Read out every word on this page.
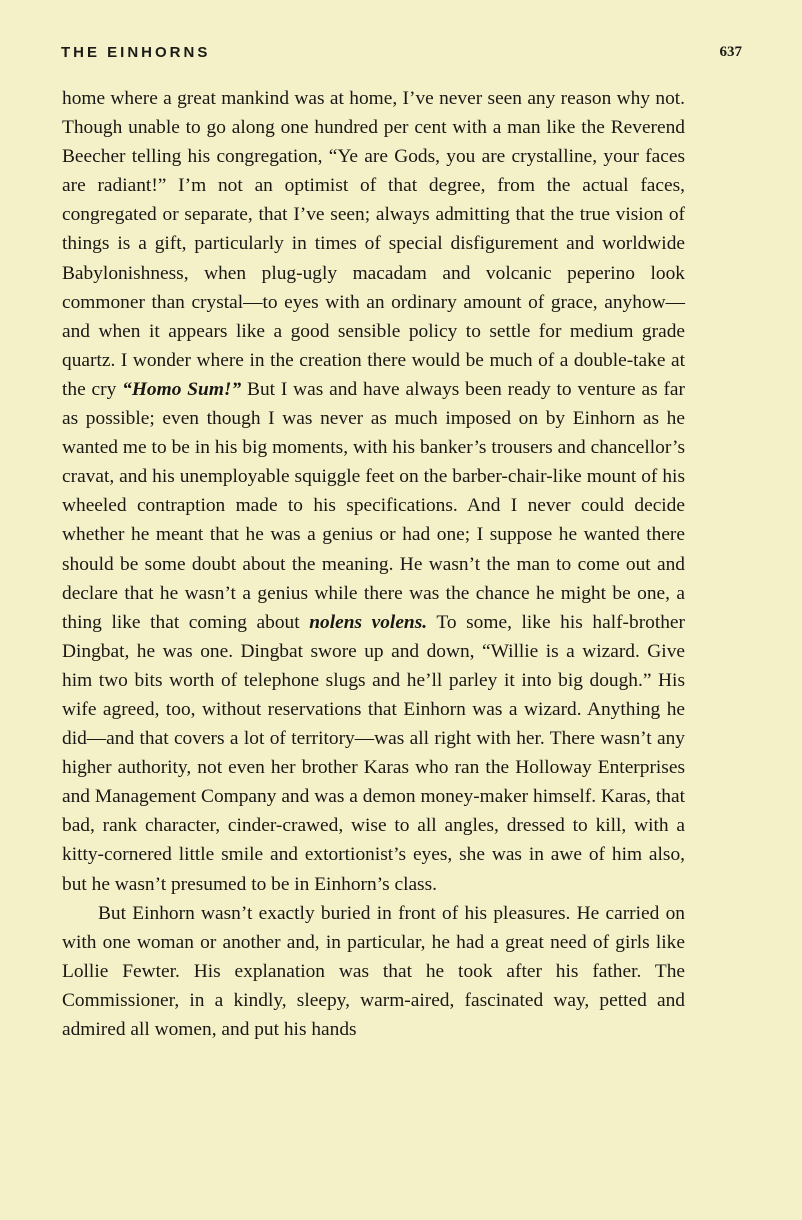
THE EINHORNS	637

home where a great mankind was at home, I’ve never seen any reason why not. Though unable to go along one hundred per cent with a man like the Reverend Beecher telling his congregation, “Ye are Gods, you are crystalline, your faces are radiant!” I’m not an optimist of that degree, from the actual faces, congregated or separate, that I’ve seen; always admitting that the true vision of things is a gift, particularly in times of special disfigurement and worldwide Babylonishness, when plug-ugly macadam and volcanic peperino look commoner than crystal—to eyes with an ordinary amount of grace, anyhow—and when it appears like a good sensible policy to settle for medium grade quartz. I wonder where in the creation there would be much of a double-take at the cry “Homo Sum!” But I was and have always been ready to venture as far as possible; even though I was never as much imposed on by Einhorn as he wanted me to be in his big moments, with his banker’s trousers and chancellor’s cravat, and his unemployable squiggle feet on the barber-chair-like mount of his wheeled contraption made to his specifications. And I never could decide whether he meant that he was a genius or had one; I suppose he wanted there should be some doubt about the meaning. He wasn’t the man to come out and declare that he wasn’t a genius while there was the chance he might be one, a thing like that coming about nolens volens. To some, like his half-brother Dingbat, he was one. Dingbat swore up and down, “Willie is a wizard. Give him two bits worth of telephone slugs and he’ll parley it into big dough.” His wife agreed, too, without reservations that Einhorn was a wizard. Anything he did—and that covers a lot of territory—was all right with her. There wasn’t any higher authority, not even her brother Karas who ran the Holloway Enterprises and Management Company and was a demon money-maker himself. Karas, that bad, rank character, cinder-crawed, wise to all angles, dressed to kill, with a kitty-cornered little smile and extortionist’s eyes, she was in awe of him also, but he wasn’t presumed to be in Einhorn’s class.

But Einhorn wasn’t exactly buried in front of his pleasures. He carried on with one woman or another and, in particular, he had a great need of girls like Lollie Fewter. His explanation was that he took after his father. The Commissioner, in a kindly, sleepy, warm-aired, fascinated way, petted and admired all women, and put his hands
